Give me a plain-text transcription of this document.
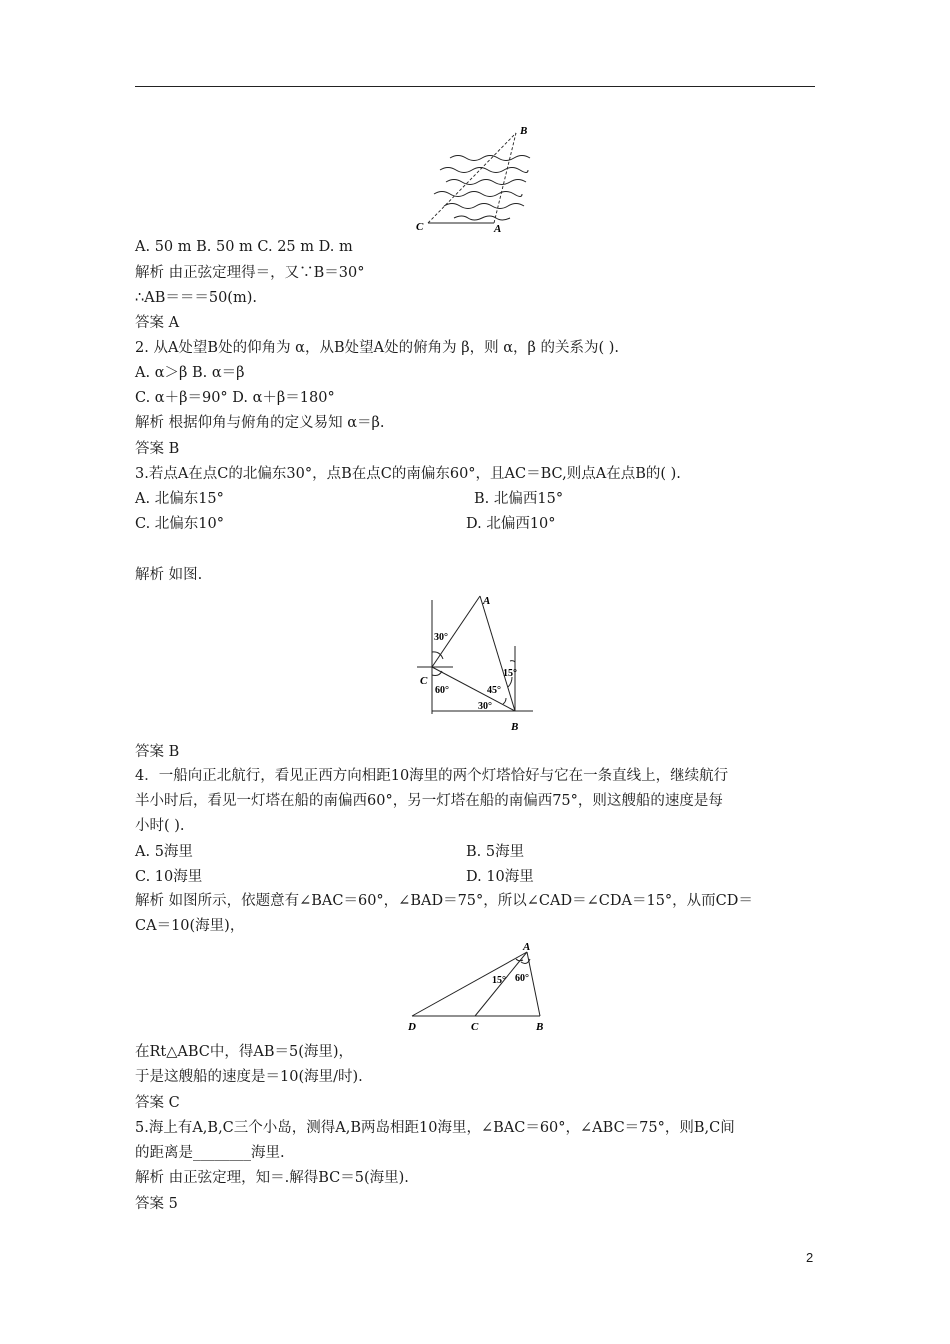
B
C	A
A. 50 m B. 50 m C. 25 m D. m
解析 由正弦定理得＝，又∵B＝30°
∴AB＝＝＝50(m).
答案 A
2. 从A处望B处的仰角为 α，从B处望A处的俯角为 β，则 α，β 的关系为( ).
A. α＞β B. α＝β
C. α＋β＝90° D. α＋β＝180°
解析 根据仰角与俯角的定义易知 α＝β.
答案 B
3.若点A在点C的北偏东30°，点B在点C的南偏东60°，且AC＝BC,则点A在点B的( ).
A. 北偏东15°	B. 北偏西15°
C. 北偏东10°	D. 北偏西10°
解析 如图.
A
C
B
30°
15°
60°	45°
30°
答案 B
4．一船向正北航行，看见正西方向相距10海里的两个灯塔恰好与它在一条直线上，继续航行
半小时后，看见一灯塔在船的南偏西60°，另一灯塔在船的南偏西75°，则这艘船的速度是每
小时( ).
A. 5海里	B. 5海里
C. 10海里	D. 10海里
解析 如图所示，依题意有∠BAC＝60°，∠BAD＝75°，所以∠CAD＝∠CDA＝15°，从而CD＝
CA＝10(海里)，
A
D	C	B
15° 60°
在Rt△ABC中，得AB＝5(海里)，
于是这艘船的速度是＝10(海里/时).
答案 C
5.海上有A,B,C三个小岛，测得A,B两岛相距10海里，∠BAC＝60°，∠ABC＝75°，则B,C间
的距离是________海里.
解析 由正弦定理，知＝.解得BC＝5(海里).
答案 5
2
